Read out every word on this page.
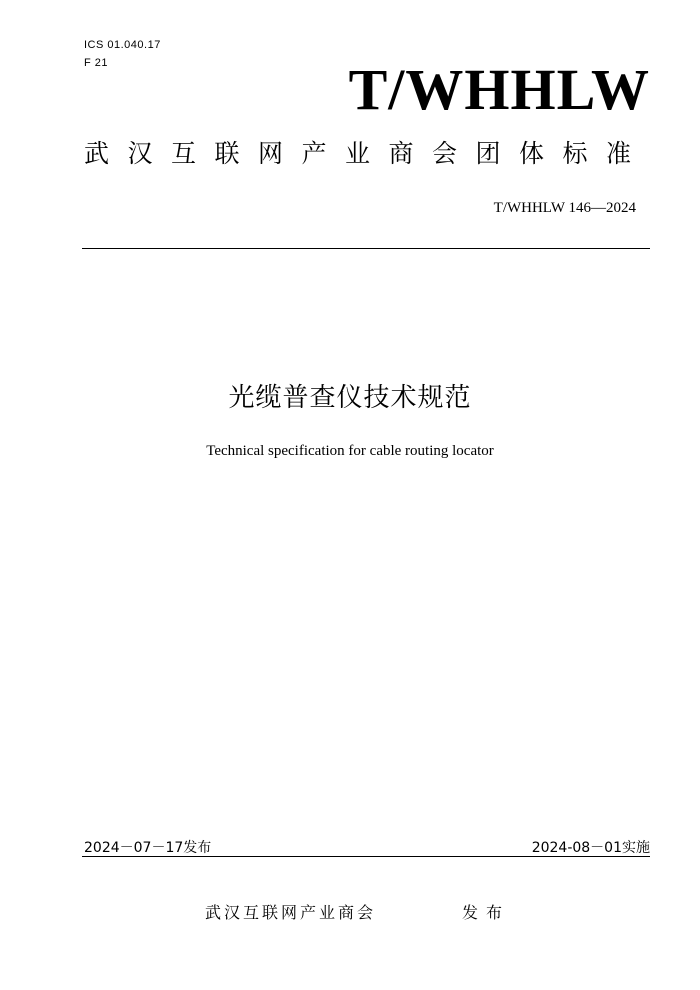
ICS 01.040.17
F 21	T/WHHLW
武汉互联网产业商会团体标准
T/WHHLW 146—2024
光缆普查仪技术规范
Technical specification for cable routing locator
2024－07－17发布	2024-08－01实施
武汉互联网产业商会	发布
